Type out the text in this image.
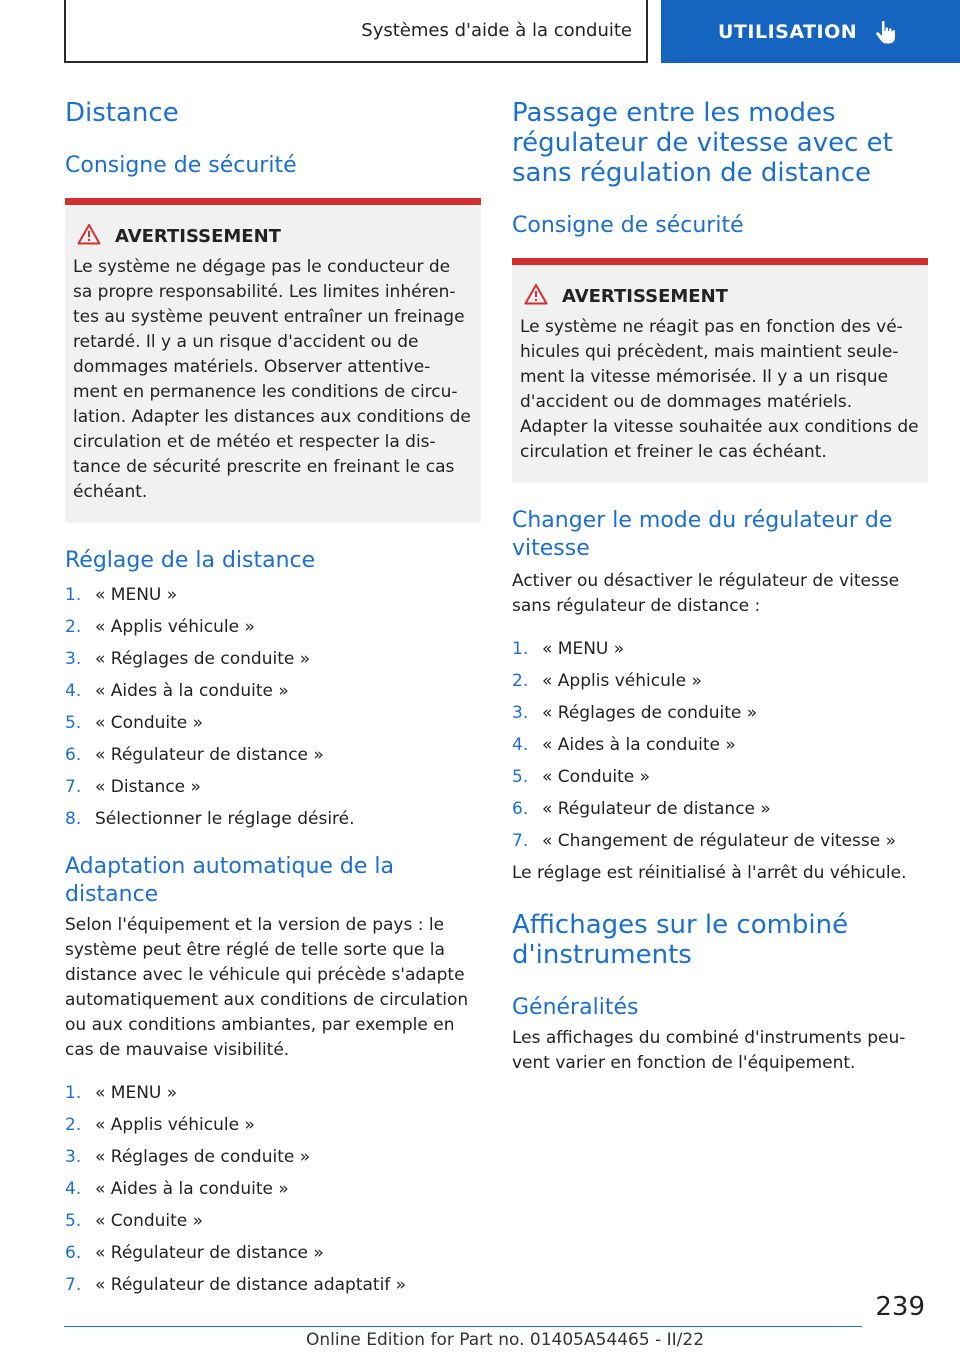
Systèmes d'aide à la conduite	UTILISATION
Distance
Consigne de sécurité
AVERTISSEMENT

Le système ne dégage pas le conducteur de sa propre responsabilité. Les limites inhéren-tes au système peuvent entraîner un freinage retardé. Il y a un risque d'accident ou de dommages matériels. Observer attentive-ment en permanence les conditions de circu-lation. Adapter les distances aux conditions de circulation et de météo et respecter la dis-tance de sécurité prescrite en freinant le cas échéant.

Réglage de la distance
1. « MENU »
2. « Applis véhicule »
3. « Réglages de conduite »
4. « Aides à la conduite »
5. « Conduite »
6. « Régulateur de distance »
7. « Distance »
8. Sélectionner le réglage désiré.
Adaptation automatique de la distance

Selon l'équipement et la version de pays : le système peut être réglé de telle sorte que la distance avec le véhicule qui précède s'adapte automatiquement aux conditions de circulation ou aux conditions ambiantes, par exemple en cas de mauvaise visibilité.

1. « MENU »
2. « Applis véhicule »
3. « Réglages de conduite »
4. « Aides à la conduite »
5. « Conduite »
6. « Régulateur de distance »
7. « Régulateur de distance adaptatif »
Passage entre les modes régulateur de vitesse avec et sans régulation de distance
Consigne de sécurité
AVERTISSEMENT

Le système ne réagit pas en fonction des vé-hicules qui précèdent, mais maintient seule-ment la vitesse mémorisée. Il y a un risque d'accident ou de dommages matériels. Adapter la vitesse souhaitée aux conditions de circulation et freiner le cas échéant.

Changer le mode du régulateur de vitesse

Activer ou désactiver le régulateur de vitesse sans régulateur de distance :

1. « MENU »
2. « Applis véhicule »
3. « Réglages de conduite »
4. « Aides à la conduite »
5. « Conduite »
6. « Régulateur de distance »
7. « Changement de régulateur de vitesse »

Le réglage est réinitialisé à l'arrêt du véhicule.

Affichages sur le combiné d'instruments
Généralités

Les affichages du combiné d'instruments peu-vent varier en fonction de l'équipement.

239
Online Edition for Part no. 01405A54465 - II/22
